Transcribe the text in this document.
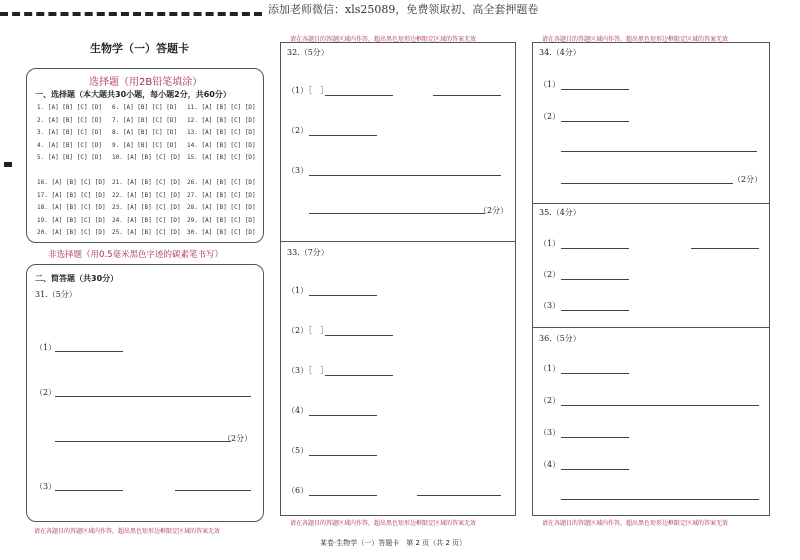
添加老师微信：xls25089，免费领取初、高全套押题卷
生物学（一）答题卡
选择题（用2B铅笔填涂）
一、选择题（本大题共30小题，每小题2分，共60分）
1. [A] [B] [C] [D] 6. [A] [B] [C] [D] 11. [A] [B] [C] [D]
2. [A] [B] [C] [D] 7. [A] [B] [C] [D] 12. [A] [B] [C] [D]
3. [A] [B] [C] [D] 8. [A] [B] [C] [D] 13. [A] [B] [C] [D]
4. [A] [B] [C] [D] 9. [A] [B] [C] [D] 14. [A] [B] [C] [D]
5. [A] [B] [C] [D] 10. [A] [B] [C] [D] 15. [A] [B] [C] [D]
16. [A] [B] [C] [D] 21. [A] [B] [C] [D] 26. [A] [B] [C] [D]
17. [A] [B] [C] [D] 22. [A] [B] [C] [D] 27. [A] [B] [C] [D]
18. [A] [B] [C] [D] 23. [A] [B] [C] [D] 28. [A] [B] [C] [D]
19. [A] [B] [C] [D] 24. [A] [B] [C] [D] 29. [A] [B] [C] [D]
20. [A] [B] [C] [D] 25. [A] [B] [C] [D] 30. [A] [B] [C] [D]
非选择题（用0.5毫米黑色字迹的碳素笔书写）
二、简答题（共30分）
31.（5分）
（1）
（2）
（2分）
（3）
请在各题目的答题区域内作答，超出黑色矩形边框限定区域的答案无效
请在各题目的答题区域内作答，超出黑色矩形边框限定区域的答案无效
32.（5分）
（1）［　］
（2）
（3）
（2分）
33.（7分）
（1）
（2）［　］
（3）［　］
（4）
（5）
（6）
请在各题目的答题区域内作答，超出黑色矩形边框限定区域的答案无效
请在各题目的答题区域内作答，超出黑色矩形边框限定区域的答案无效
34.（4分）
（1）
（2）
（2分）
35.（4分）
（1）
（2）
（3）
36.（5分）
（1）
（2）
（3）
（4）
请在各题目的答题区域内作答，超出黑色矩形边框限定区域的答案无效
某卷·生物学（一）答题卡　第 2 页（共 2 页）
